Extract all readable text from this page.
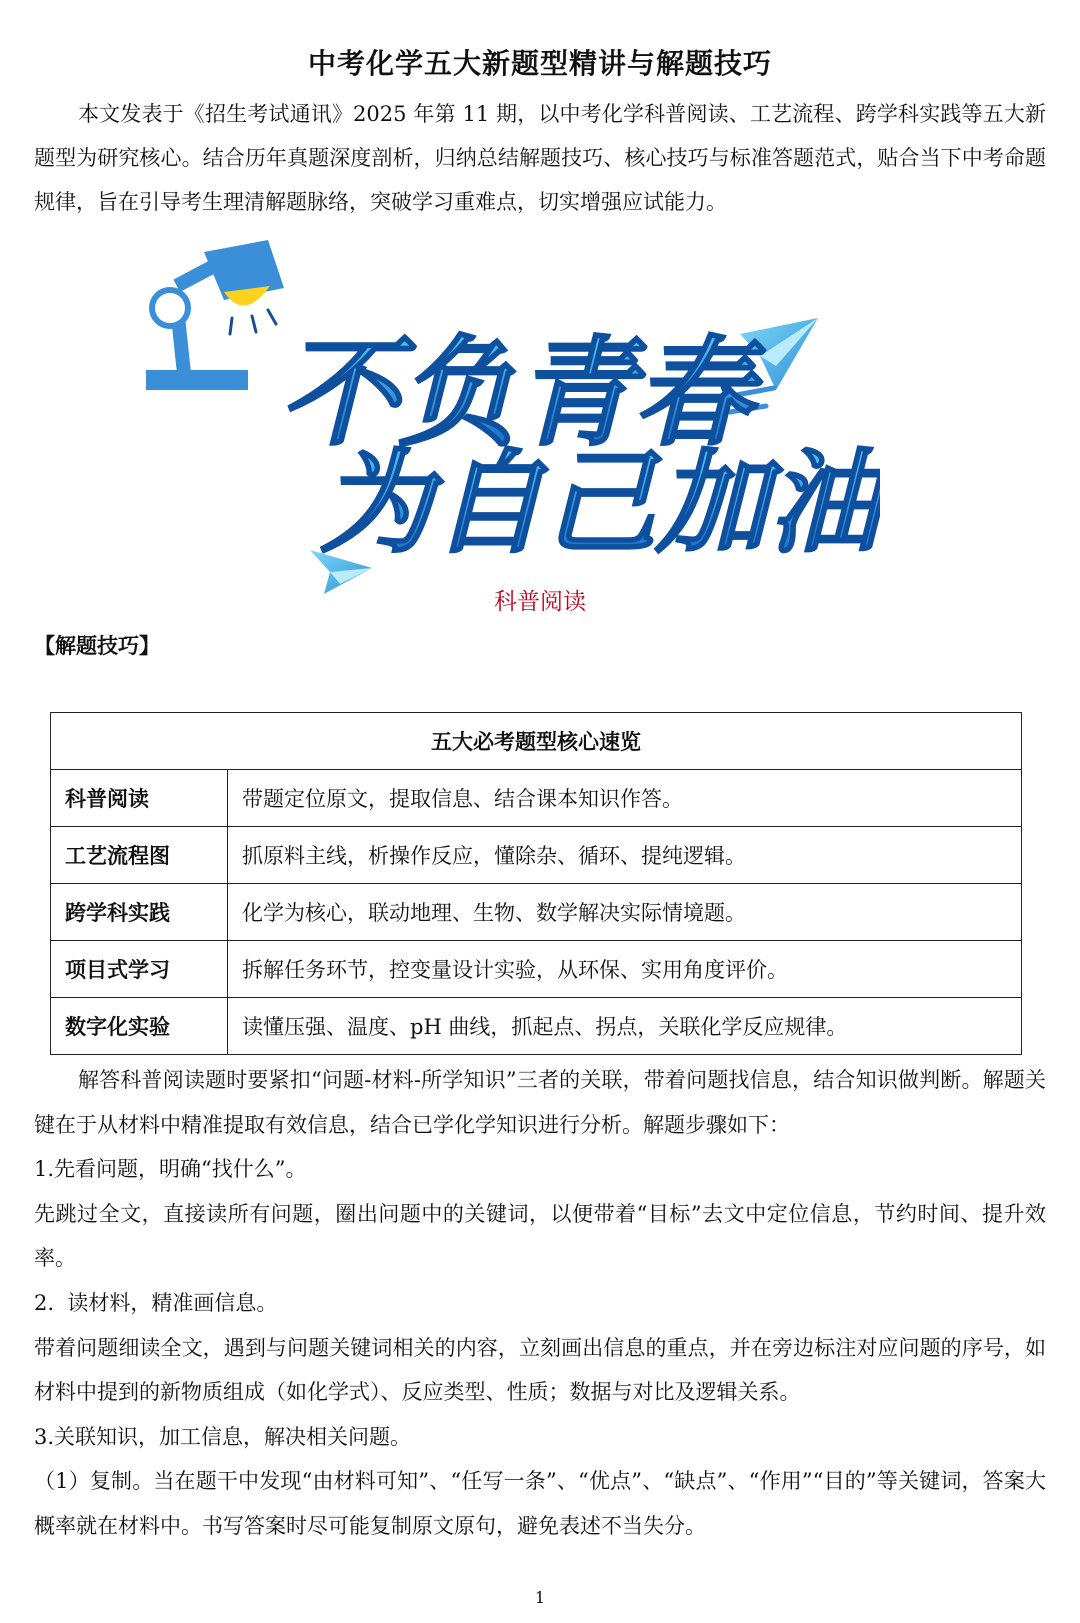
中考化学五大新题型精讲与解题技巧
本文发表于《招生考试通讯》2025 年第 11 期，以中考化学科普阅读、工艺流程、跨学科实践等五大新题型为研究核心。结合历年真题深度剖析，归纳总结解题技巧、核心技巧与标准答题范式，贴合当下中考命题规律，旨在引导考生理清解题脉络，突破学习重难点，切实增强应试能力。
不负青春
为自己加油
科普阅读
【解题技巧】
五大必考题型核心速览	
科普阅读	带题定位原文，提取信息、结合课本知识作答。
工艺流程图	抓原料主线，析操作反应，懂除杂、循环、提纯逻辑。
跨学科实践	化学为核心，联动地理、生物、数学解决实际情境题。
项目式学习	拆解任务环节，控变量设计实验，从环保、实用角度评价。
数字化实验	读懂压强、温度、pH 曲线，抓起点、拐点，关联化学反应规律。

解答科普阅读题时要紧扣“问题-材料-所学知识”三者的关联，带着问题找信息，结合知识做判断。解题关键在于从材料中精准提取有效信息，结合已学化学知识进行分析。解题步骤如下：

1.先看问题，明确“找什么”。

先跳过全文，直接读所有问题，圈出问题中的关键词，以便带着“目标”去文中定位信息，节约时间、提升效率。

2.  读材料，精准画信息。

带着问题细读全文，遇到与问题关键词相关的内容，立刻画出信息的重点，并在旁边标注对应问题的序号，如材料中提到的新物质组成（如化学式）、反应类型、性质；数据与对比及逻辑关系。

3.关联知识，加工信息，解决相关问题。

（1）复制。当在题干中发现“由材料可知”、“任写一条”、“优点”、“缺点”、“作用”“目的”等关键词，答案大概率就在材料中。书写答案时尽可能复制原文原句，避免表述不当失分。

1
